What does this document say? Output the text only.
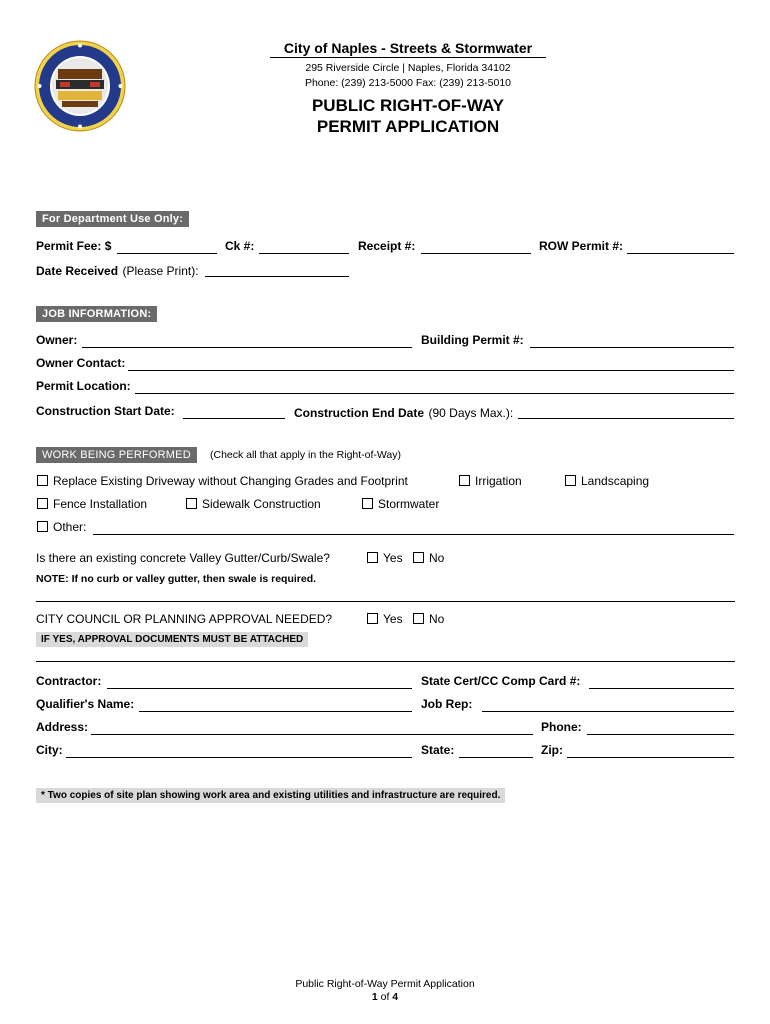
City of Naples - Streets & Stormwater
295 Riverside Circle | Naples, Florida 34102
Phone: (239) 213-5000 Fax: (239) 213-5010
PUBLIC RIGHT-OF-WAY
PERMIT APPLICATION
For Department Use Only:
Permit Fee: $	Ck #:	Receipt #:	ROW Permit #:
Date Received (Please Print):
JOB INFORMATION:
Owner:	Building Permit #:
Owner Contact:
Permit Location:
Construction Start Date:	Construction End Date (90 Days Max.):
WORK BEING PERFORMED	(Check all that apply in the Right-of-Way)
Replace Existing Driveway without Changing Grades and Footprint	Irrigation	Landscaping
Fence Installation	Sidewalk Construction	Stormwater
Other:
Is there an existing concrete Valley Gutter/Curb/Swale?	Yes No
NOTE: If no curb or valley gutter, then swale is required.
CITY COUNCIL OR PLANNING APPROVAL NEEDED?	Yes No
IF YES, APPROVAL DOCUMENTS MUST BE ATTACHED
Contractor:	State Cert/CC Comp Card #:
Qualifier's Name:	Job Rep:
Address:	Phone:
City:	State:	Zip:
* Two copies of site plan showing work area and existing utilities and infrastructure are required.
Public Right-of-Way Permit Application
1 of 4
